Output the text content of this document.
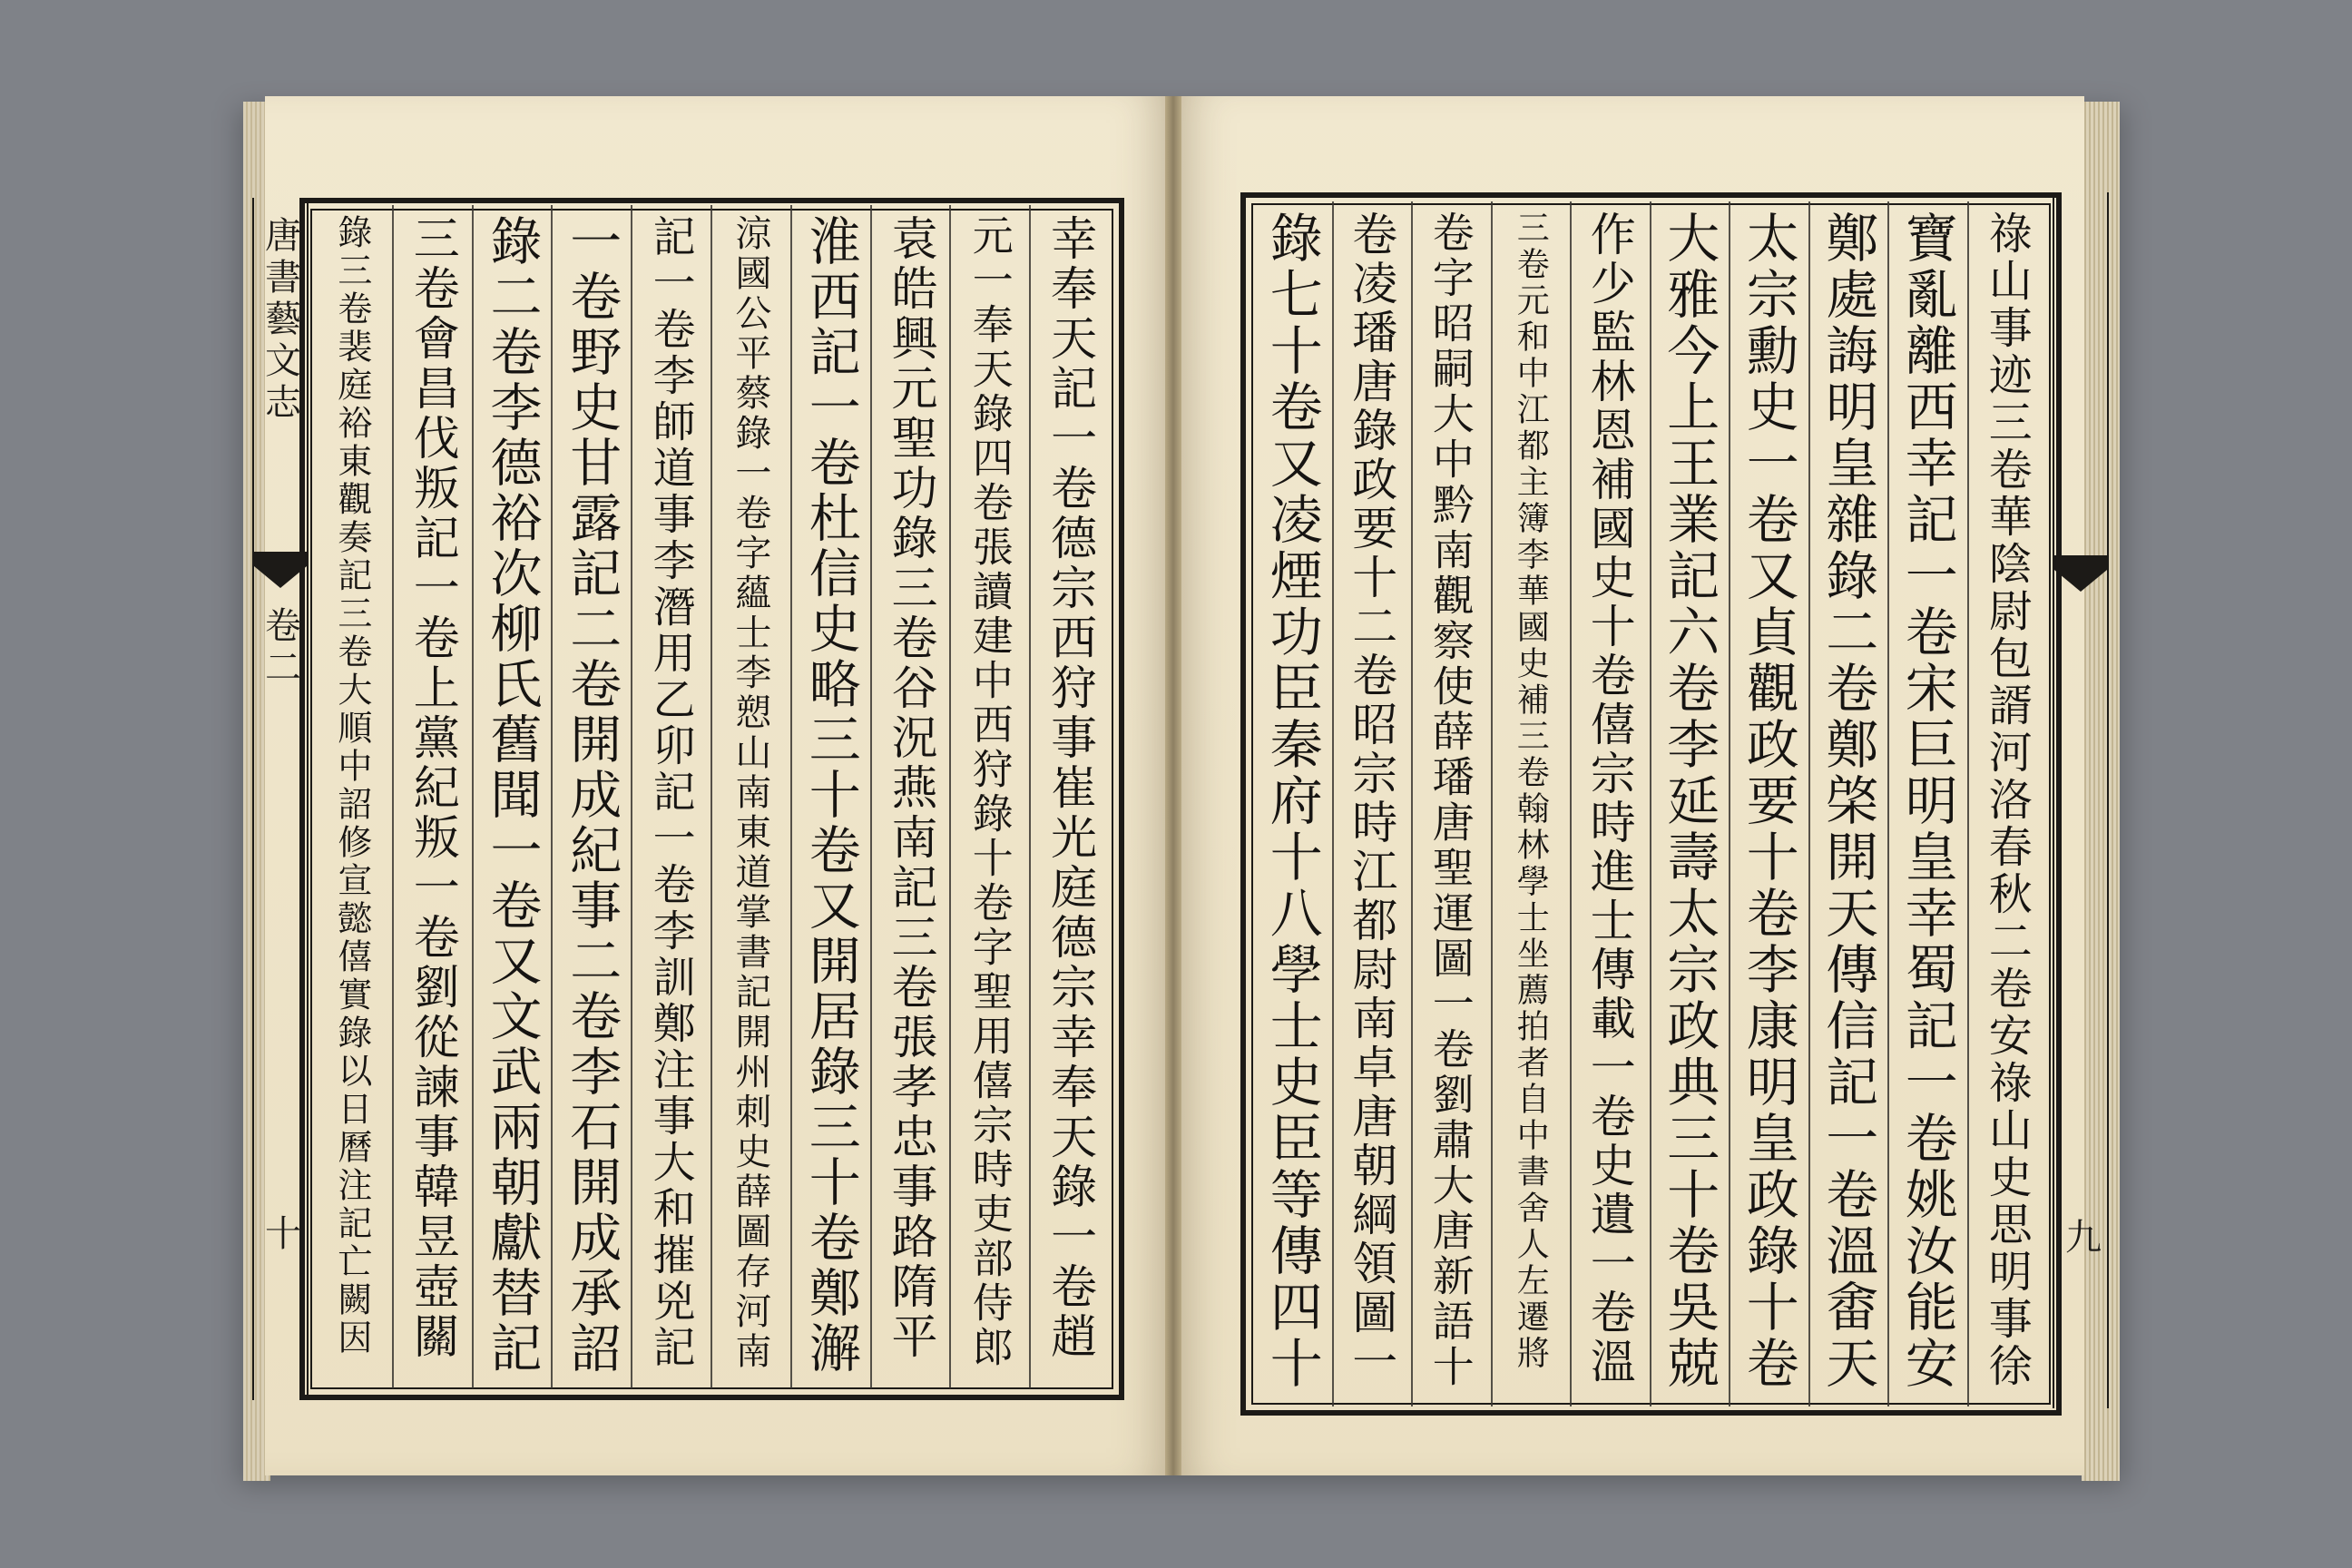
唐書藝文志
卷二
十 錄三卷裴庭裕東觀奏記三卷大順中詔修宣懿僖實錄以日曆注記亡闕因 三卷會昌伐叛記一卷上黨紀叛一卷劉從諫事韓昱壺關 錄二卷李德裕次柳氏舊聞一卷又文武兩朝獻替記 一卷野史甘露記二卷開成紀事二卷李石開成承詔 記一卷李師道事李潛用乙卯記一卷李訓鄭注事大和摧兇記 涼國公平蔡錄一卷字蘊士李愬山南東道掌書記開州刺史薛圖存河南 淮西記一卷杜信史略三十卷又開居錄三十卷鄭澥 袁皓興元聖功錄三卷谷況燕南記三卷張孝忠事路隋平 元一奉天錄四卷張讀建中西狩錄十卷字聖用僖宗時吏部侍郎 幸奉天記一卷德宗西狩事崔光庭德宗幸奉天錄一卷趙	九
錄七十卷又凌煙功臣秦府十八學士史臣等傳四十 卷凌璠唐錄政要十二卷昭宗時江都尉南卓唐朝綱領圖一 卷字昭嗣大中黔南觀察使薛璠唐聖運圖一卷劉肅大唐新語十 三卷元和中江都主簿李華國史補三卷翰林學士坐薦拍者自中書舍人左遷將 作少監林恩補國史十卷僖宗時進士傳載一卷史遺一卷溫 大雅今上王業記六卷李延壽太宗政典三十卷吳兢 太宗勳史一卷又貞觀政要十卷李康明皇政錄十卷 鄭處誨明皇雜錄二卷鄭棨開天傳信記一卷溫畬天 寶亂離西幸記一卷宋巨明皇幸蜀記一卷姚汝能安 祿山事迹三卷華陰尉包諝河洛春秋二卷安祿山史思明事徐
